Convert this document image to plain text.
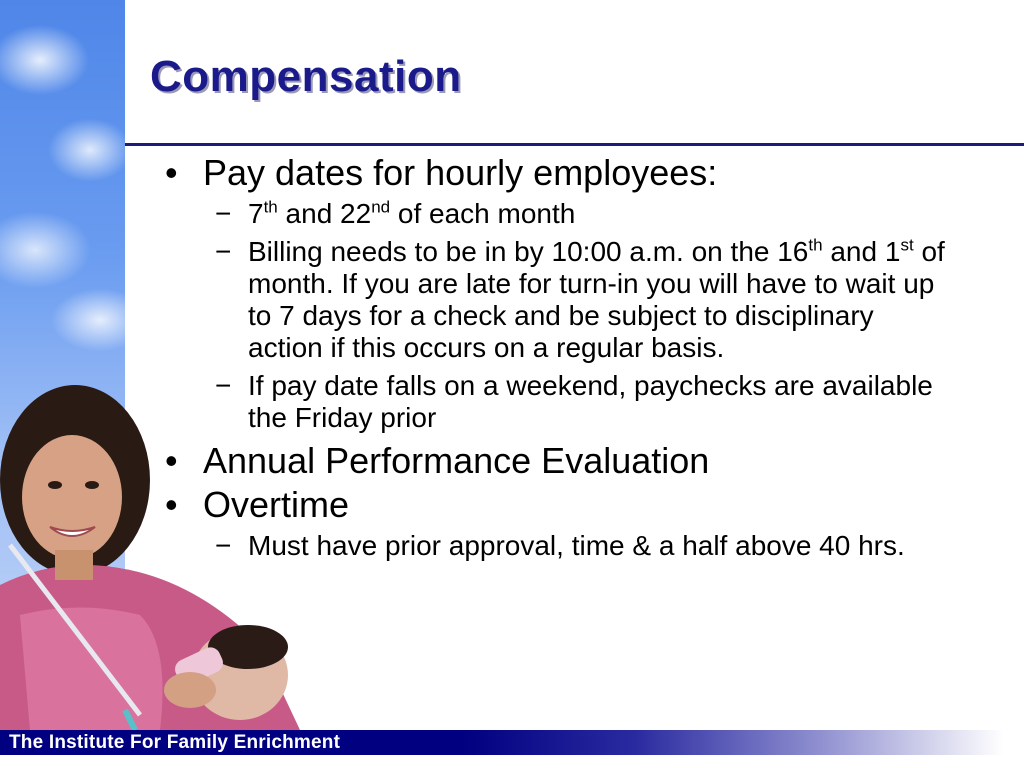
Compensation
• Pay dates for hourly employees:
− 7th and 22nd of each month
− Billing needs to be in by 10:00 a.m. on the 16th and 1st of month. If you are late for turn-in you will have to wait up to 7 days for a check and be subject to disciplinary action if this occurs on a regular basis.
− If pay date falls on a weekend, paychecks are available the Friday prior
• Annual Performance Evaluation
• Overtime
− Must have prior approval, time & a half above 40 hrs.
The Institute For Family Enrichment
